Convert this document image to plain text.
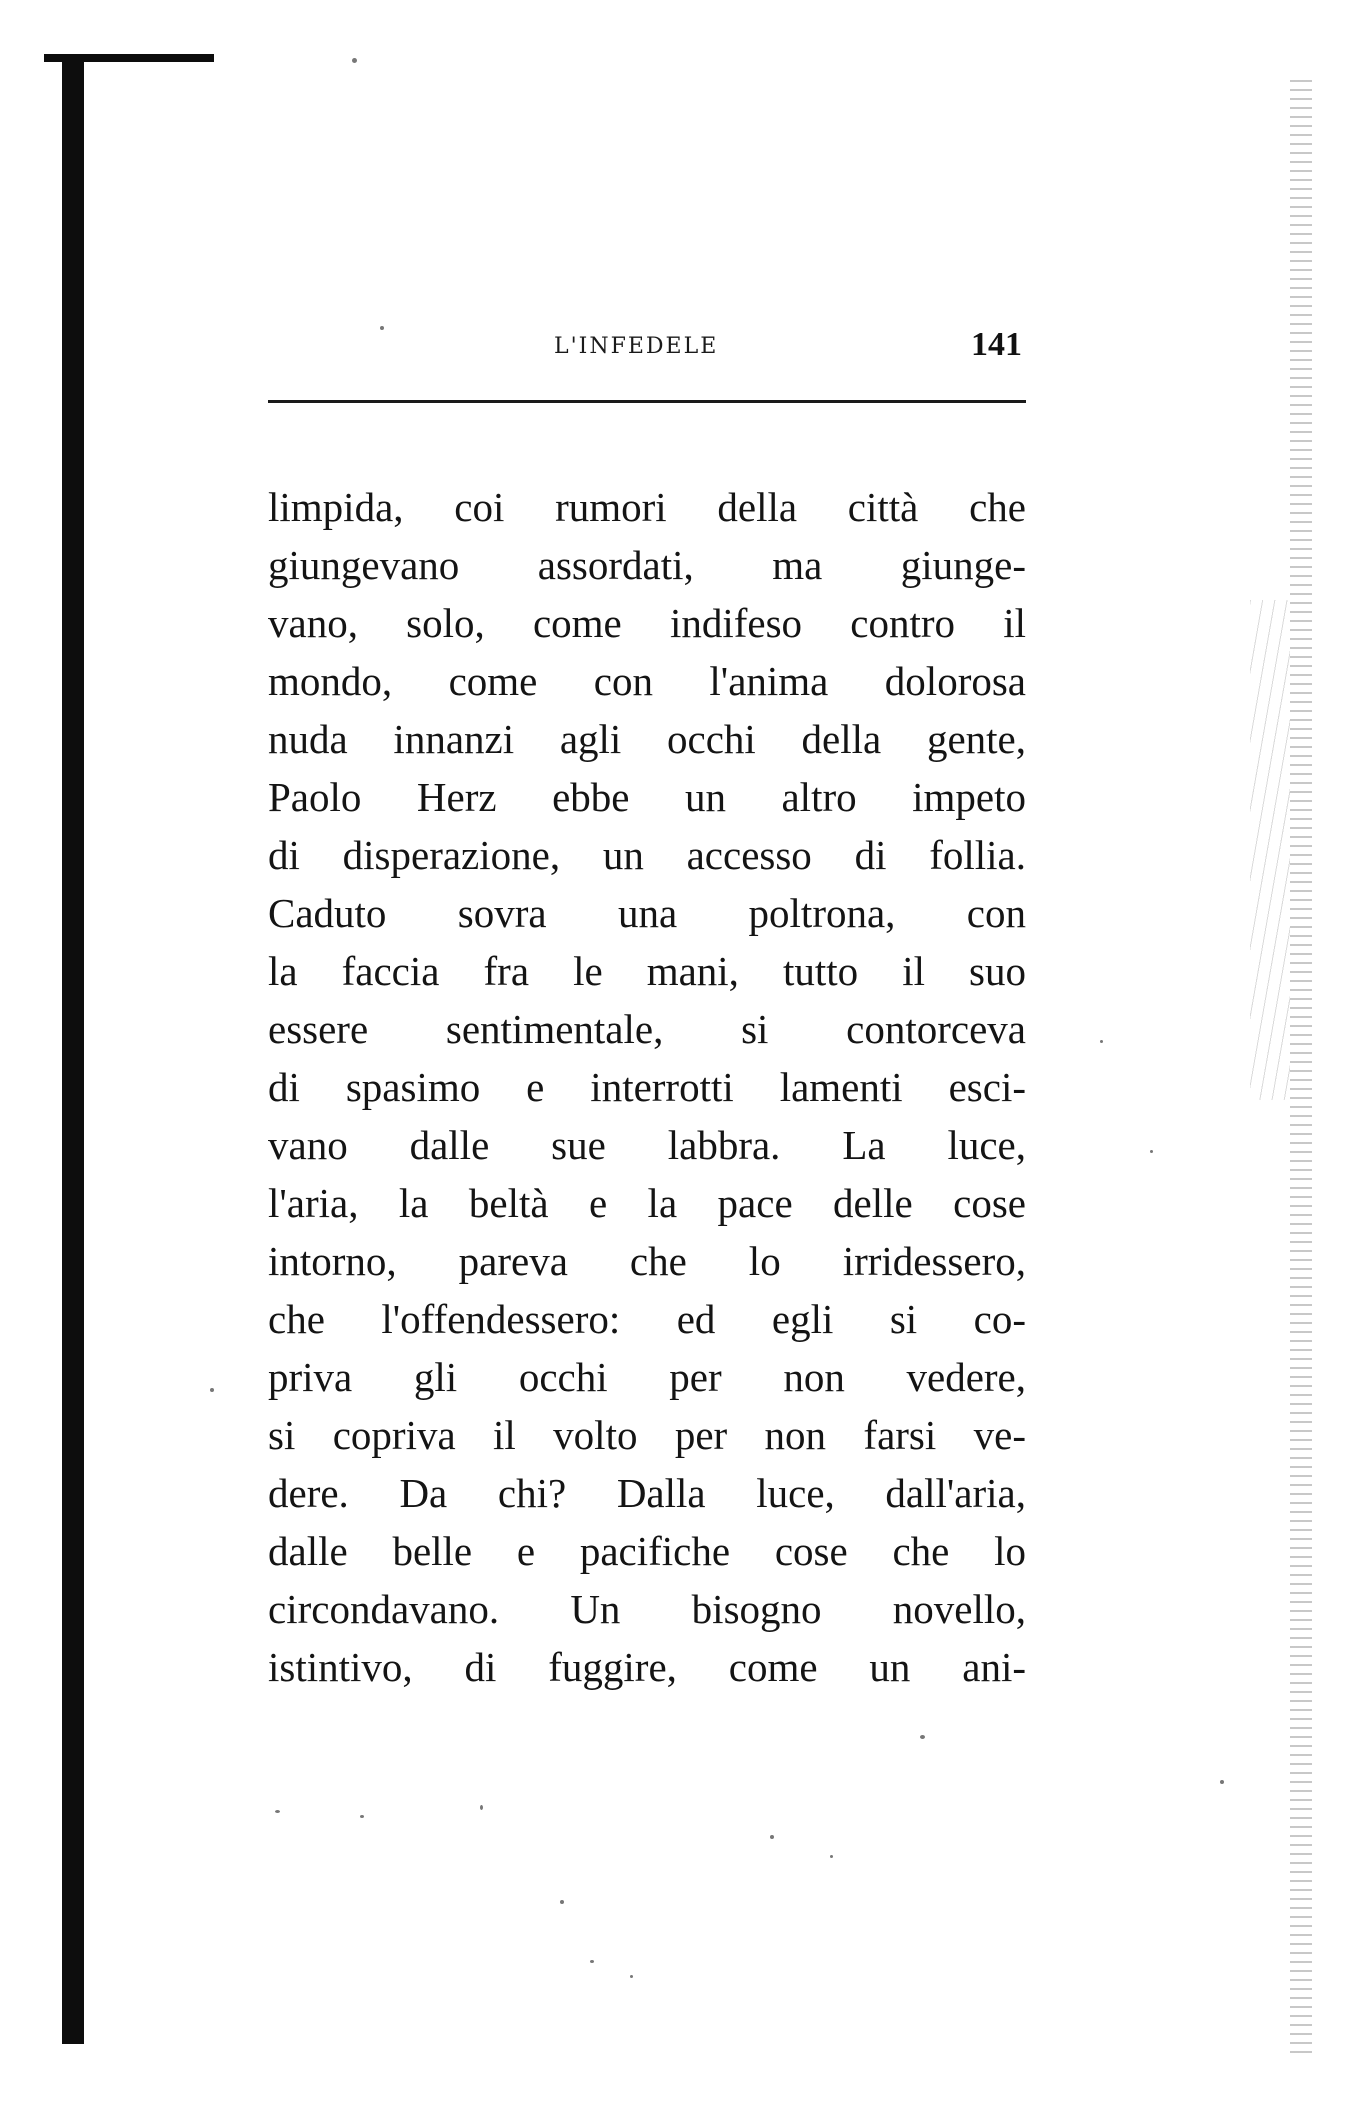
L'INFEDELE	141
limpida, coi rumori della città che
giungevano assordati, ma giunge-
vano, solo, come indifeso contro il
mondo, come con l'anima dolorosa
nuda innanzi agli occhi della gente,
Paolo Herz ebbe un altro impeto
di disperazione, un accesso di follia.
Caduto sovra una poltrona, con
la faccia fra le mani, tutto il suo
essere sentimentale, si contorceva
di spasimo e interrotti lamenti esci-
vano dalle sue labbra. La luce,
l'aria, la beltà e la pace delle cose
intorno, pareva che lo irridessero,
che l'offendessero: ed egli si co-
priva gli occhi per non vedere,
si copriva il volto per non farsi ve-
dere. Da chi? Dalla luce, dall'aria,
dalle belle e pacifiche cose che lo
circondavano. Un bisogno novello,
istintivo, di fuggire, come un ani-
